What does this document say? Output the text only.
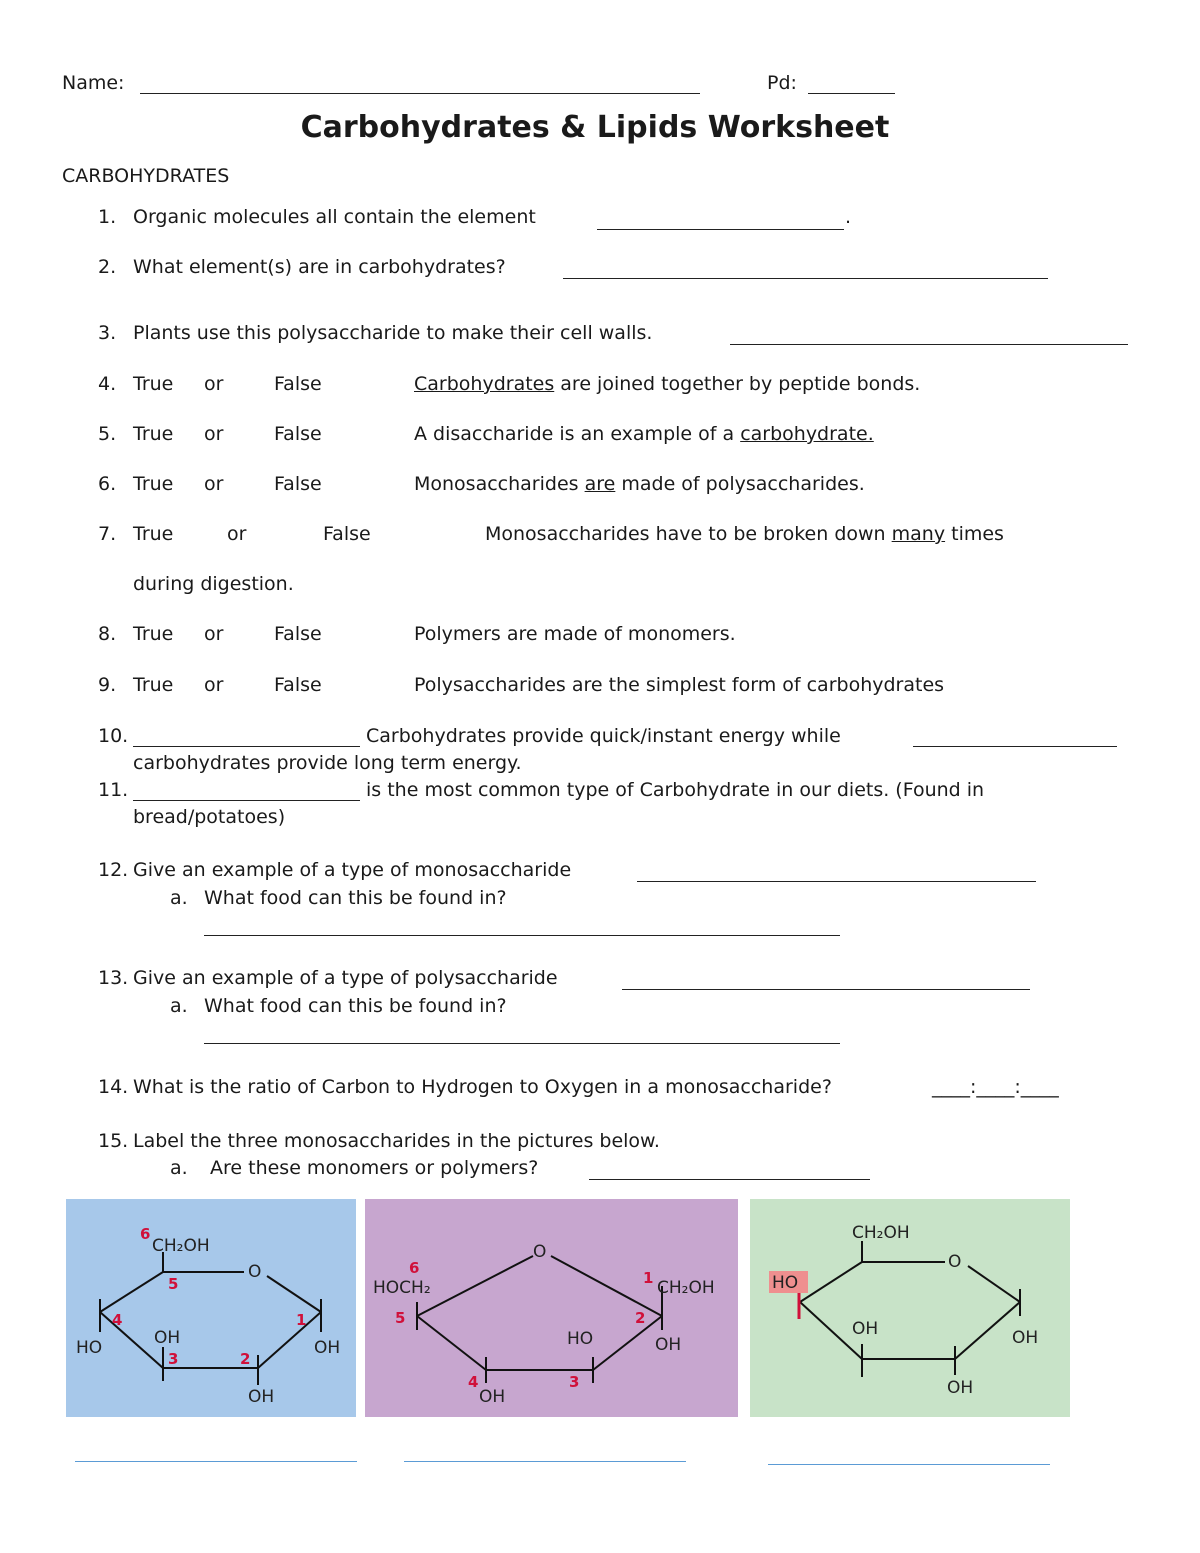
Name:	Pd:
Carbohydrates & Lipids Worksheet
CARBOHYDRATES
1. Organic molecules all contain the element	.
2. What element(s) are in carbohydrates?
3. Plants use this polysaccharide to make their cell walls.
4. True or	False	Carbohydrates are joined together by peptide bonds.
5. True or	False	A disaccharide is an example of a carbohydrate.
6. True or	False	Monosaccharides are made of polysaccharides.
7. True	or	False	Monosaccharides have to be broken down many times
during digestion.
8. True or	False	Polymers are made of monomers.
9. True or	False	Polysaccharides are the simplest form of carbohydrates
10.	Carbohydrates provide quick/instant energy while
carbohydrates provide long term energy.
11.	is the most common type of Carbohydrate in our diets. (Found in
bread/potatoes)
12. Give an example of a type of monosaccharide
a. What food can this be found in?
13. Give an example of a type of polysaccharide
a. What food can this be found in?
14. What is the ratio of Carbon to Hydrogen to Oxygen in a monosaccharide?	____:____:____
15. Label the three monosaccharides in the pictures below.
a. Are these monomers or polymers?
CH₂OH
O
HO	OH
OH
OH
6
5
4	1
3	2
O
HOCH₂	CH₂OH
HO	OH
OH
6
5
1
2
3
4
CH₂OH
O
HO
OH
OH
OH
